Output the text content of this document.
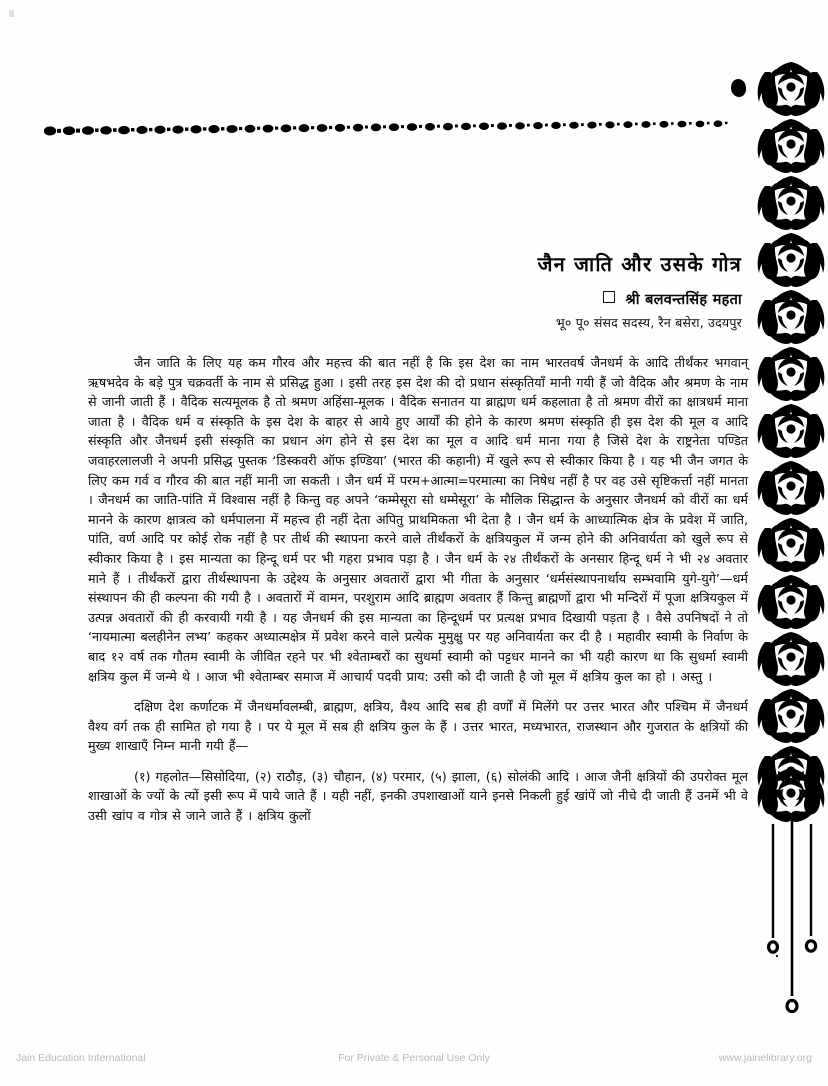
जैन जाति और उसके गोत्र
श्री बलवन्तसिंह महता
भू० पू० संसद सदस्य, रैन बसेरा, उदयपुर

जैन जाति के लिए यह कम गौरव और महत्त्व की बात नहीं है कि इस देश का नाम भारतवर्ष जैनधर्म के आदि तीर्थंकर भगवान् ऋषभदेव के बड़े पुत्र चक्रवर्ती के नाम से प्रसिद्ध हुआ । इसी तरह इस देश की दो प्रधान संस्कृतियाँ मानी गयी हैं जो वैदिक और श्रमण के नाम से जानी जाती हैं । वैदिक सत्यमूलक है तो श्रमण अहिंसा-मूलक । वैदिक सनातन या ब्राह्मण धर्म कहलाता है तो श्रमण वीरों का क्षात्रधर्म माना जाता है । वैदिक धर्म व संस्कृति के इस देश के बाहर से आये हुए आर्यों की होने के कारण श्रमण संस्कृति ही इस देश की मूल व आदि संस्कृति और जैनधर्म इसी संस्कृति का प्रधान अंग होने से इस देश का मूल व आदि धर्म माना गया है जिसे देश के राष्ट्रनेता पण्डित जवाहरलालजी ने अपनी प्रसिद्ध पुस्तक ‘डिस्कवरी ऑफ इण्डिया’ (भारत की कहानी) में खुले रूप से स्वीकार किया है । यह भी जैन जगत के लिए कम गर्व व गौरव की बात नहीं मानी जा सकती । जैन धर्म में परम+आत्मा=परमात्मा का निषेध नहीं है पर वह उसे सृष्टिकर्त्ता नहीं मानता । जैनधर्म का जाति-पांति में विश्वास नहीं है किन्तु वह अपने ‘कम्मेसूरा सो धम्मेसूरा’ के मौलिक सिद्धान्त के अनुसार जैनधर्म को वीरों का धर्म मानने के कारण क्षात्रत्व को धर्मपालना में महत्त्व ही नहीं देता अपितु प्राथमिकता भी देता है । जैन धर्म के आध्यात्मिक क्षेत्र के प्रवेश में जाति, पांति, वर्ण आदि पर कोई रोक नहीं है पर तीर्थ की स्थापना करने वाले तीर्थंकरों के क्षत्रियकुल में जन्म होने की अनिवार्यता को खुले रूप से स्वीकार किया है । इस मान्यता का हिन्दू धर्म पर भी गहरा प्रभाव पड़ा है । जैन धर्म के २४ तीर्थंकरों के अनसार हिन्दू धर्म ने भी २४ अवतार माने हैं । तीर्थंकरों द्वारा तीर्थस्थापना के उद्देश्य के अनुसार अवतारों द्वारा भी गीता के अनुसार ‘धर्मसंस्थापनार्थाय सम्भवामि युगे-युगे’—धर्म संस्थापन की ही कल्पना की गयी है । अवतारों में वामन, परशुराम आदि ब्राह्मण अवतार हैं किन्तु ब्राह्मणों द्वारा भी मन्दिरों में पूजा क्षत्रियकुल में उत्पन्न अवतारों की ही करवायी गयी है । यह जैनधर्म की इस मान्यता का हिन्दूधर्म पर प्रत्यक्ष प्रभाव दिखायी पड़ता है । वैसे उपनिषदों ने तो ‘नायमात्मा बलहीनेन लभ्य’ कहकर अध्यात्मक्षेत्र में प्रवेश करने वाले प्रत्येक मुमुक्षु पर यह अनिवार्यता कर दी है । महावीर स्वामी के निर्वाण के बाद १२ वर्ष तक गौतम स्वामी के जीवित रहने पर भी श्वेताम्बरों का सुधर्मा स्वामी को पट्टधर मानने का भी यही कारण था कि सुधर्मा स्वामी क्षत्रिय कुल में जन्मे थे । आज भी श्वेताम्बर समाज में आचार्य पदवी प्राय: उसी को दी जाती है जो मूल में क्षत्रिय कुल का हो । अस्तु ।

दक्षिण देश कर्णाटक में जैनधर्मावलम्बी, ब्राह्मण, क्षत्रिय, वैश्य आदि सब ही वर्णों में मिलेंगे पर उत्तर भारत और पश्चिम में जैनधर्म वैश्य वर्ग तक ही सामित हो गया है । पर ये मूल में सब ही क्षत्रिय कुल के हैं । उत्तर भारत, मध्यभारत, राजस्थान और गुजरात के क्षत्रियों की मुख्य शाखाएँ निम्न मानी गयी हैं—

(१) गहलोत—सिसोदिया, (२) राठौड़, (३) चौहान, (४) परमार, (५) झाला, (६) सोलंकी आदि । आज जैनी क्षत्रियों की उपरोक्त मूल शाखाओं के ज्यों के त्यों इसी रूप में पाये जाते हैं । यही नहीं, इनकी उपशाखाओं याने इनसे निकली हुई खांपें जो नीचे दी जाती हैं उनमें भी वे उसी खांप व गोत्र से जाने जाते हैं । क्षत्रिय कुलों

Jain Education International	For Private & Personal Use Only	www.jainelibrary.org
